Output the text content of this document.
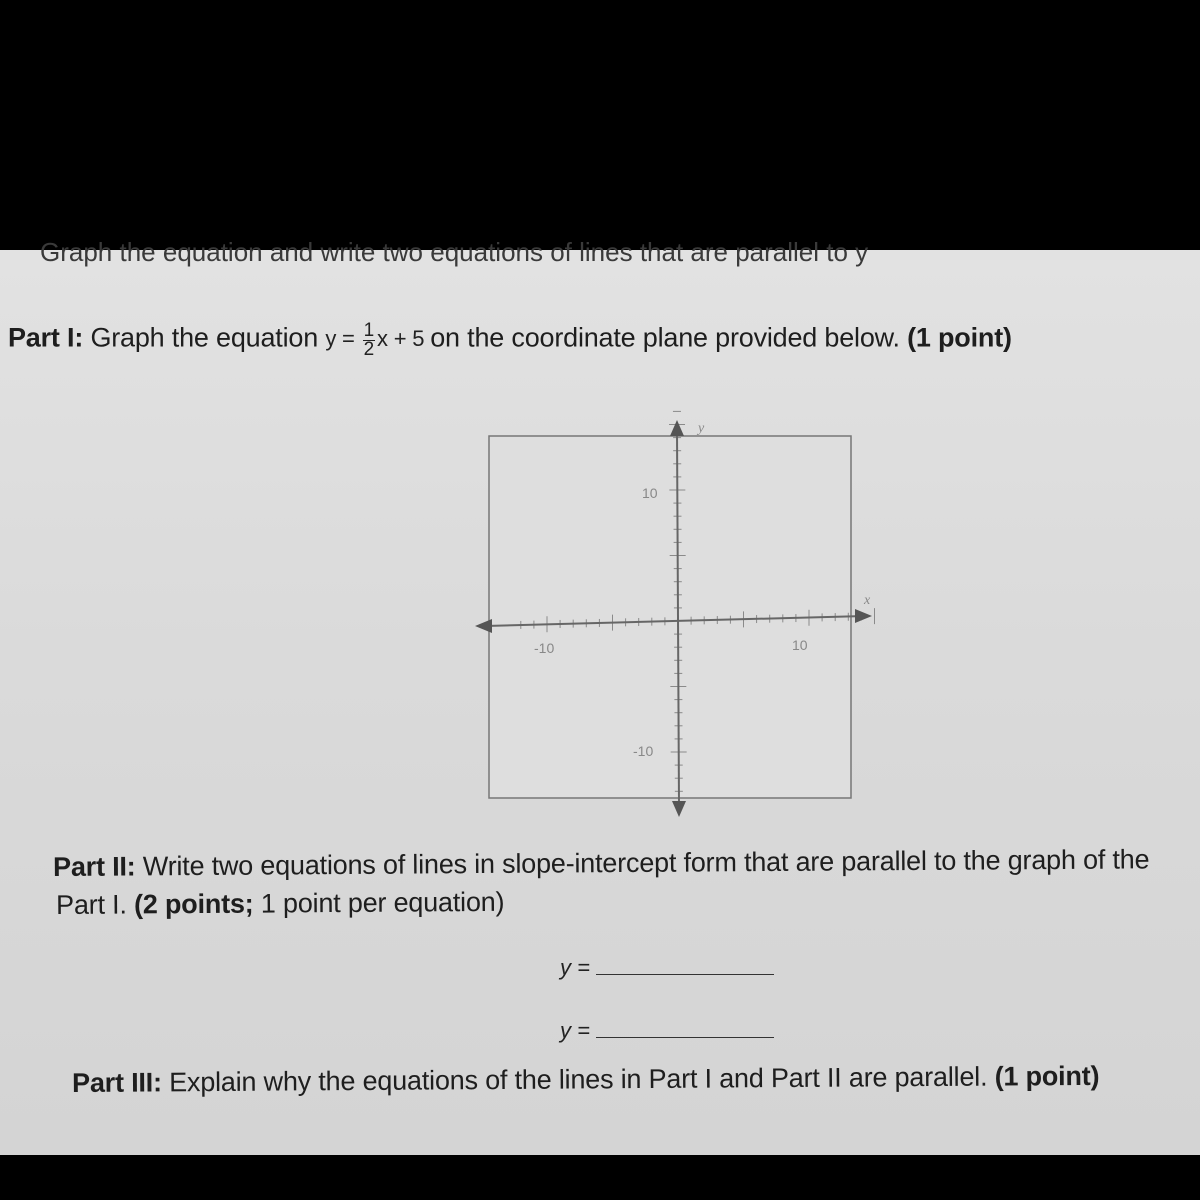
Graph the equation and write two equations of lines that are parallel to y
Part I: Graph the equation $y = \frac{1}{2}$ x + 5 on the coordinate plane provided below. (1 point)
y
x
-10	10
10
-10
Part II: Write two equations of lines in slope-intercept form that are parallel to the graph of the
Part I. (2 points; 1 point per equation)
y =
y =
Part III: Explain why the equations of the lines in Part I and Part II are parallel. (1 point)
